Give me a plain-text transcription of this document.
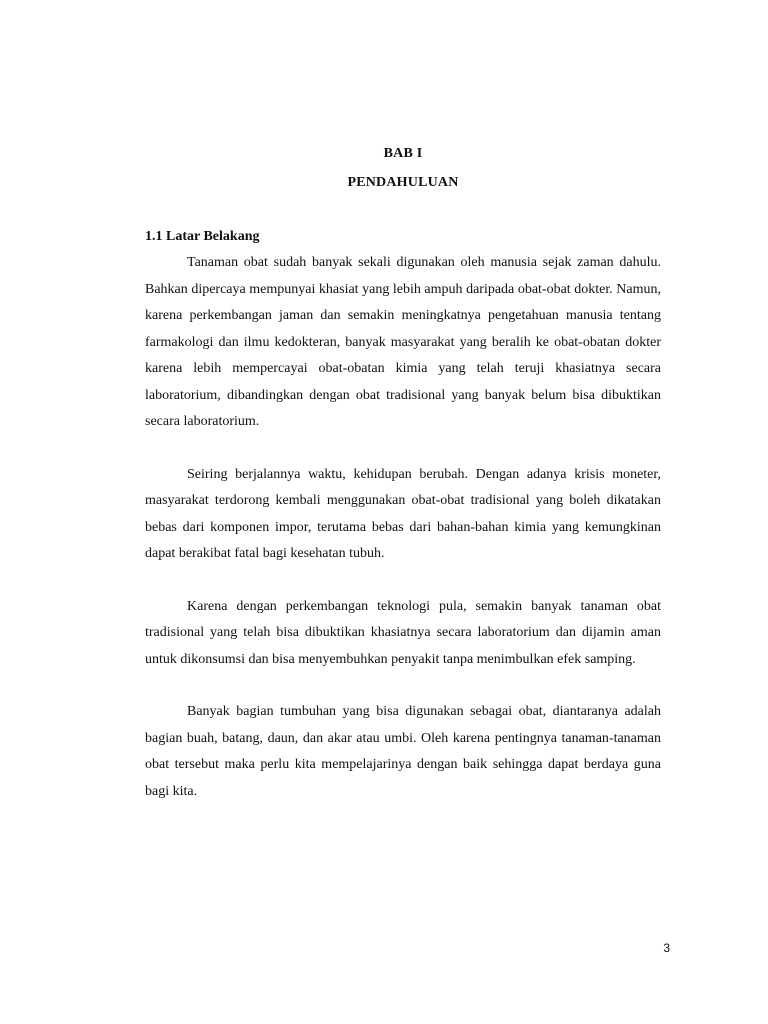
BAB I
PENDAHULUAN
1.1 Latar Belakang

Tanaman obat sudah banyak sekali digunakan oleh manusia sejak zaman dahulu. Bahkan dipercaya mempunyai khasiat yang lebih ampuh daripada obat-obat dokter. Namun, karena perkembangan jaman dan semakin meningkatnya pengetahuan manusia tentang farmakologi dan ilmu kedokteran, banyak masyarakat yang beralih ke obat-obatan dokter karena lebih mempercayai obat-obatan kimia yang telah teruji khasiatnya secara laboratorium, dibandingkan dengan obat tradisional yang banyak belum bisa dibuktikan secara laboratorium.

Seiring berjalannya waktu, kehidupan berubah. Dengan adanya krisis moneter, masyarakat terdorong kembali menggunakan obat-obat tradisional yang boleh dikatakan bebas dari komponen impor, terutama bebas dari bahan-bahan kimia yang kemungkinan dapat berakibat fatal bagi kesehatan tubuh.

Karena dengan perkembangan teknologi pula, semakin banyak tanaman obat tradisional yang telah bisa dibuktikan khasiatnya secara laboratorium dan dijamin aman untuk dikonsumsi dan bisa menyembuhkan penyakit tanpa menimbulkan efek samping.

Banyak bagian tumbuhan yang bisa digunakan sebagai obat, diantaranya adalah bagian buah, batang, daun, dan akar atau umbi. Oleh karena pentingnya tanaman-tanaman obat tersebut maka perlu kita mempelajarinya dengan baik sehingga dapat berdaya guna bagi kita.

3
